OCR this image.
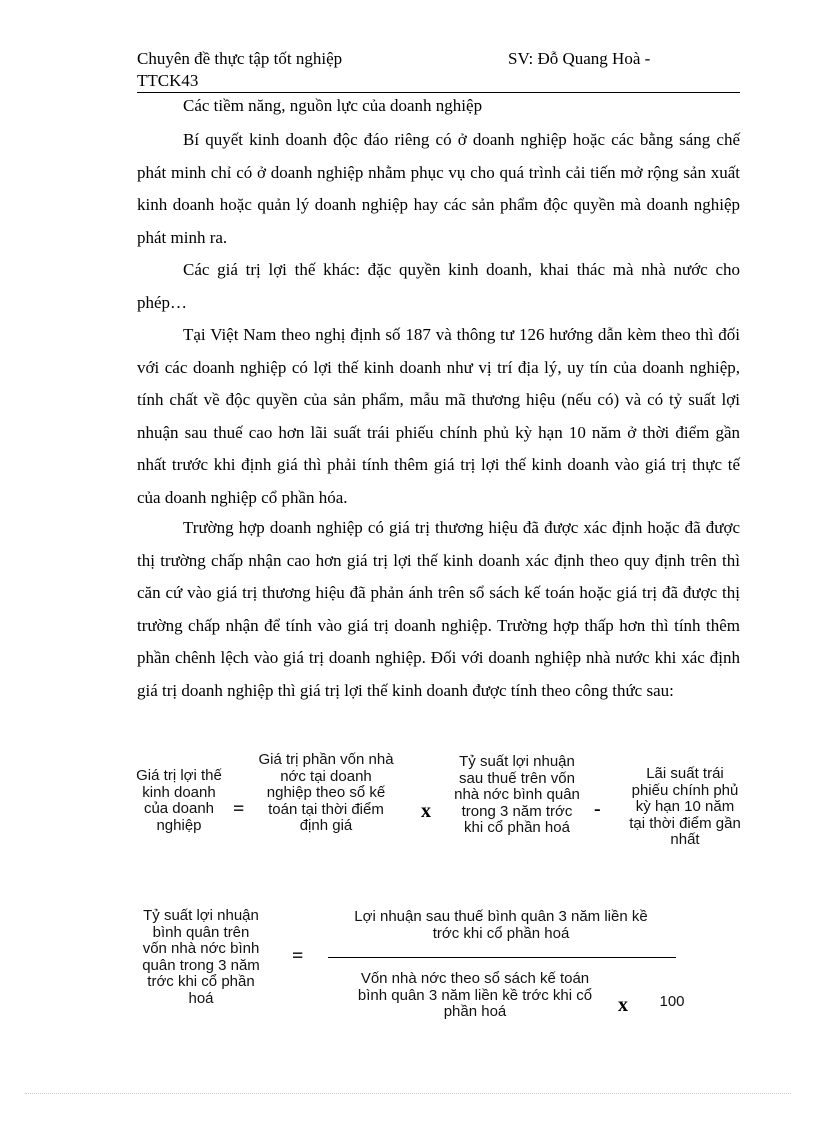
Chuyên đề thực tập tốt nghiệp	SV: Đỗ Quang Hoà -
TTCK43
Các tiềm năng, nguồn lực của doanh nghiệp

Bí quyết kinh doanh độc đáo riêng có ở doanh nghiệp hoặc các bằng sáng chế phát minh chỉ có ở doanh nghiệp nhằm phục vụ cho quá trình cải tiến mở rộng sản xuất kinh doanh hoặc quản lý doanh nghiệp hay các sản phẩm độc quyền mà doanh nghiệp phát minh ra.

Các giá trị lợi thế khác: đặc quyền kinh doanh, khai thác mà nhà nước cho phép…

Tại Việt Nam theo nghị định số 187 và thông tư 126 hướng dẫn kèm theo thì đối với các doanh nghiệp có lợi thế kinh doanh như vị trí địa lý, uy tín của doanh nghiệp, tính chất về độc quyền của sản phẩm, mẫu mã thương hiệu (nếu có) và có tỷ suất lợi nhuận sau thuế cao hơn lãi suất trái phiếu chính phủ kỳ hạn 10 năm ở thời điểm gần nhất trước khi định giá thì phải tính thêm giá trị lợi thế kinh doanh vào giá trị thực tế của doanh nghiệp cổ phần hóa.

Trường hợp doanh nghiệp có giá trị thương hiệu đã được xác định hoặc đã được thị trường chấp nhận cao hơn giá trị lợi thế kinh doanh xác định theo quy định trên thì căn cứ vào giá trị thương hiệu đã phản ánh trên sổ sách kế toán hoặc giá trị đã được thị trường chấp nhận để tính vào giá trị doanh nghiệp. Trường hợp thấp hơn thì tính thêm phần chênh lệch vào giá trị doanh nghiệp. Đối với doanh nghiệp nhà nước khi xác định giá trị doanh nghiệp thì giá trị lợi thế kinh doanh được tính theo công thức sau:

Giá trị lợi thế kinh doanh của doanh nghiệp
=
Giá trị phần vốn nhà nớc tại doanh nghiệp theo sổ kế toán tại thời điểm định giá
x
Tỷ suất lợi nhuận sau thuế trên vốn nhà nớc bình quân trong 3 năm trớc khi cổ phần hoá
-
Lãi suất trái phiếu chính phủ kỳ hạn 10 năm tại thời điểm gần nhất
Tỷ suất lợi nhuận bình quân trên vốn nhà nớc bình quân trong 3 năm trớc khi cổ phần hoá
=
Lợi nhuận sau thuế bình quân 3 năm liền kề trớc khi cổ phần hoá
Vốn nhà nớc theo sổ sách kế toán bình quân 3 năm liền kề trớc khi cổ phần hoá	x	100
